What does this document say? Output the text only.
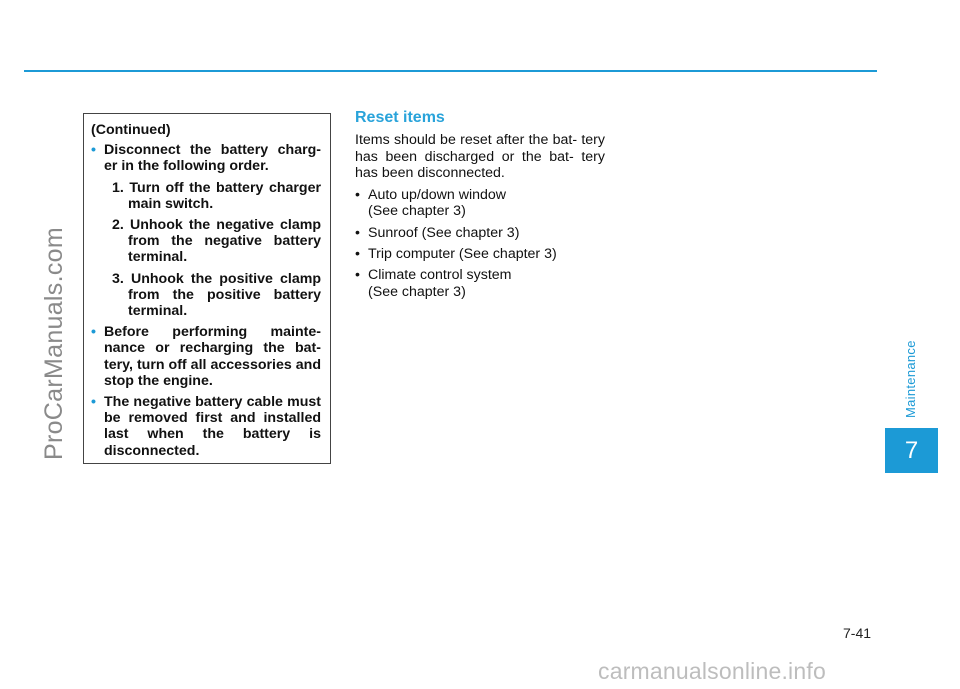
ProCarManuals.com	Maintenance
7

(Continued)

• Disconnect the battery charg- er in the following order.

1. Turn off the battery charger main switch.

2. Unhook the negative clamp from the negative battery terminal.

3. Unhook the positive clamp from the positive battery terminal.

• Before performing mainte- nance or recharging the bat- tery, turn off all accessories and stop the engine.

• The negative battery cable must be removed first and installed last when the battery is disconnected.

Reset items

Items should be reset after the bat- tery has been discharged or the bat- tery has been disconnected.

• Auto up/down window
(See chapter 3)
• Sunroof (See chapter 3)
• Trip computer (See chapter 3)
• Climate control system
(See chapter 3)
7-41
carmanualsonline.info
